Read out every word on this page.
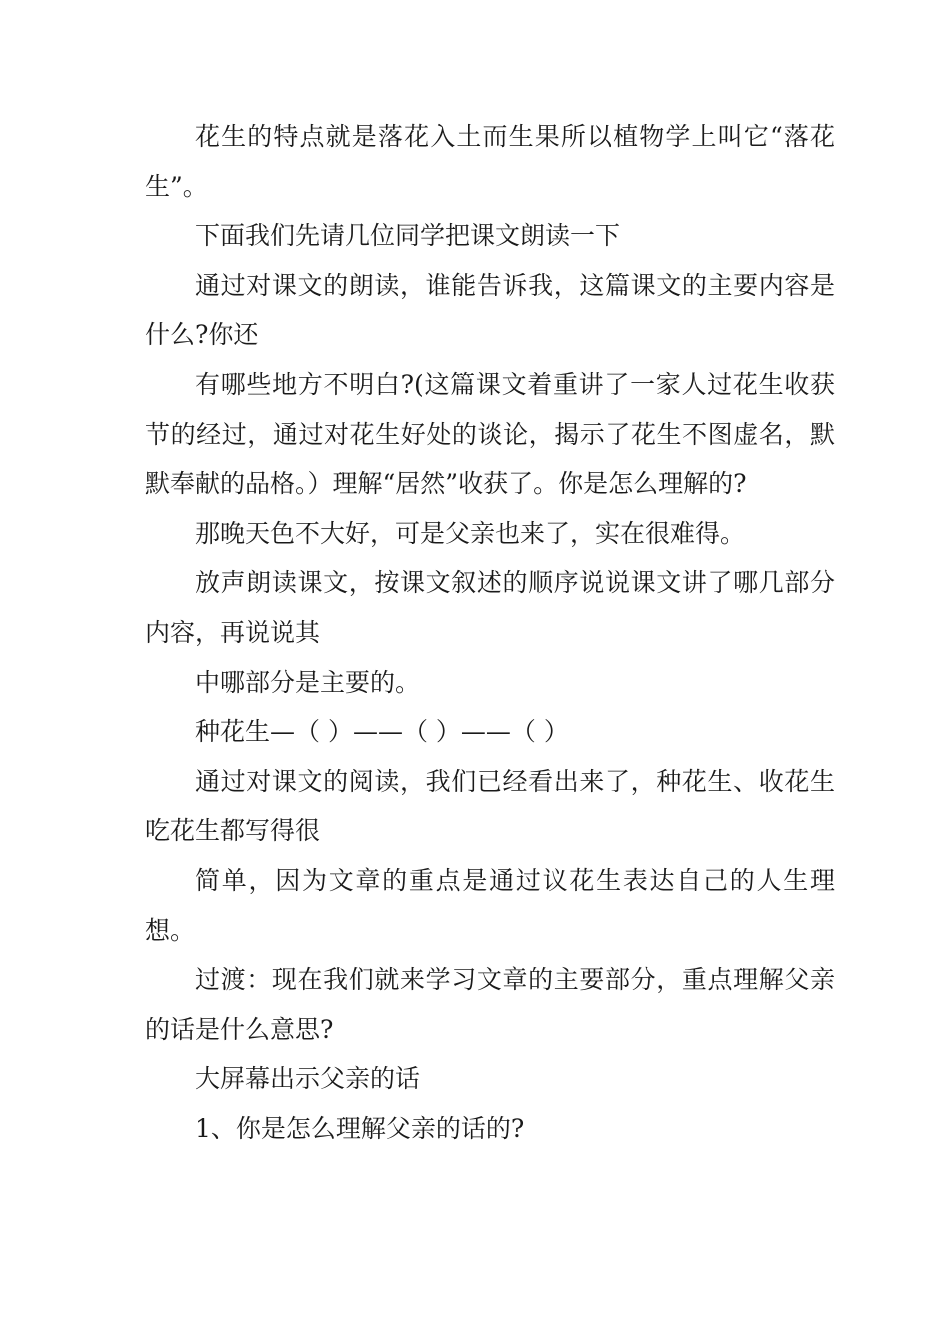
花生的特点就是落花入土而生果所以植物学上叫它“落花生”。

下面我们先请几位同学把课文朗读一下

通过对课文的朗读，谁能告诉我，这篇课文的主要内容是什么?你还

有哪些地方不明白?(这篇课文着重讲了一家人过花生收获节的经过，通过对花生好处的谈论，揭示了花生不图虚名，默默奉献的品格。）理解“居然”收获了。你是怎么理解的?

那晚天色不大好，可是父亲也来了，实在很难得。

放声朗读课文，按课文叙述的顺序说说课文讲了哪几部分内容，再说说其

中哪部分是主要的。

种花生—（ ）——（ ）——（ ）

通过对课文的阅读，我们已经看出来了，种花生、收花生吃花生都写得很

简单，因为文章的重点是通过议花生表达自己的人生理想。

过渡：现在我们就来学习文章的主要部分，重点理解父亲的话是什么意思?

大屏幕出示父亲的话

1、你是怎么理解父亲的话的?
